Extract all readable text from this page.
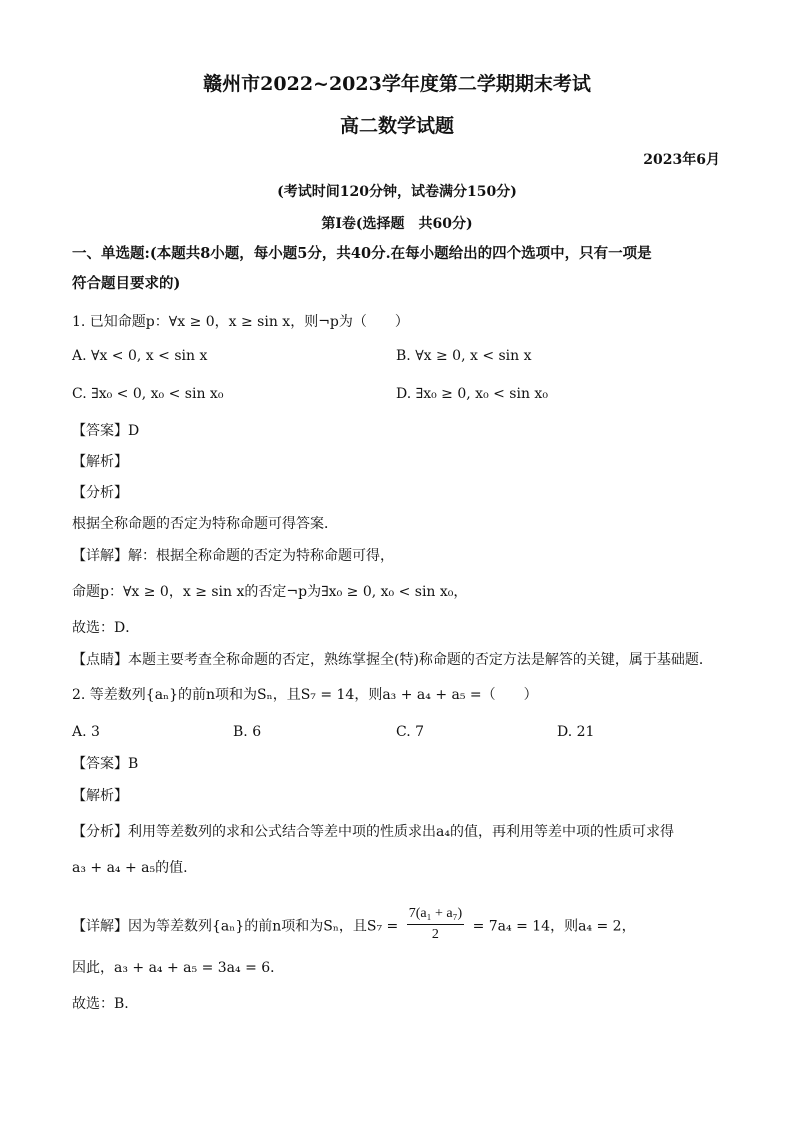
赣州市2022~2023学年度第二学期期末考试
高二数学试题
2023年6月
(考试时间120分钟，试卷满分150分)
第Ⅰ卷(选择题　共60分)
一、单选题:(本题共8小题，每小题5分，共40分.在每小题给出的四个选项中，只有一项是
符合题目要求的)
1. 已知命题p：∀x ≥ 0，x ≥ sin x，则¬p为（　　）
A. ∀x < 0, x < sin x	B. ∀x ≥ 0, x < sin x
C. ∃x₀ < 0, x₀ < sin x₀	D. ∃x₀ ≥ 0, x₀ < sin x₀
【答案】D
【解析】
【分析】
根据全称命题的否定为特称命题可得答案．
【详解】解：根据全称命题的否定为特称命题可得，
命题p：∀x ≥ 0，x ≥ sin x的否定¬p为∃x₀ ≥ 0, x₀ < sin x₀，
故选：D．
【点睛】本题主要考查全称命题的否定，熟练掌握全(特)称命题的否定方法是解答的关键，属于基础题．
2. 等差数列{aₙ}的前n项和为Sₙ，且S₇ = 14，则a₃ + a₄ + a₅ =（　　）
A. 3	B. 6	C. 7	D. 21
【答案】B
【解析】
【分析】利用等差数列的求和公式结合等差中项的性质求出a₄的值，再利用等差中项的性质可求得
a₃ + a₄ + a₅的值.
【详解】因为等差数列{aₙ}的前n项和为Sₙ，且$S_7 = \frac{\text{7(a₁ + a₇)}}{2} = 7a_4 = 14$，则a₄ = 2，
因此，a₃ + a₄ + a₅ = 3a₄ = 6．
故选：B.
